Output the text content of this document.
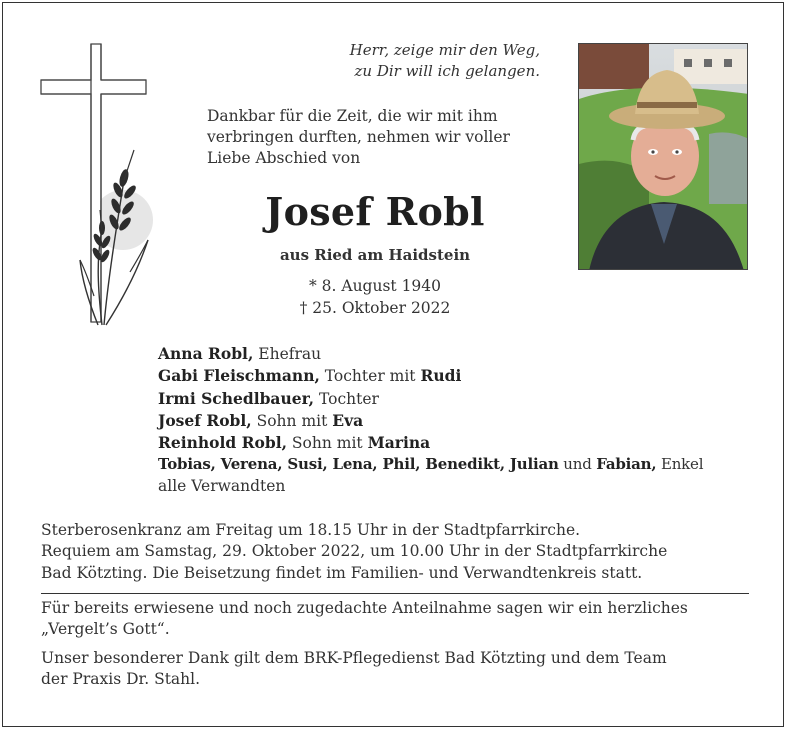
Herr, zeige mir den Weg,
zu Dir will ich gelangen.
Dankbar für die Zeit, die wir mit ihm
verbringen durften, nehmen wir voller
Liebe Abschied von
Josef Robl
aus Ried am Haidstein
* 8. August 1940
† 25. Oktober 2022
Anna Robl, Ehefrau
Gabi Fleischmann, Tochter mit Rudi
Irmi Schedlbauer, Tochter
Josef Robl, Sohn mit Eva
Reinhold Robl, Sohn mit Marina
Tobias, Verena, Susi, Lena, Phil, Benedikt, Julian und Fabian, Enkel
alle Verwandten
Sterberosenkranz am Freitag um 18.15 Uhr in der Stadtpfarrkirche.
Requiem am Samstag, 29. Oktober 2022, um 10.00 Uhr in der Stadtpfarrkirche
Bad Kötzting. Die Beisetzung findet im Familien- und Verwandtenkreis statt.
Für bereits erwiesene und noch zugedachte Anteilnahme sagen wir ein herzliches
„Vergelt’s Gott“.
Unser besonderer Dank gilt dem BRK-Pflegedienst Bad Kötzting und dem Team
der Praxis Dr. Stahl.
